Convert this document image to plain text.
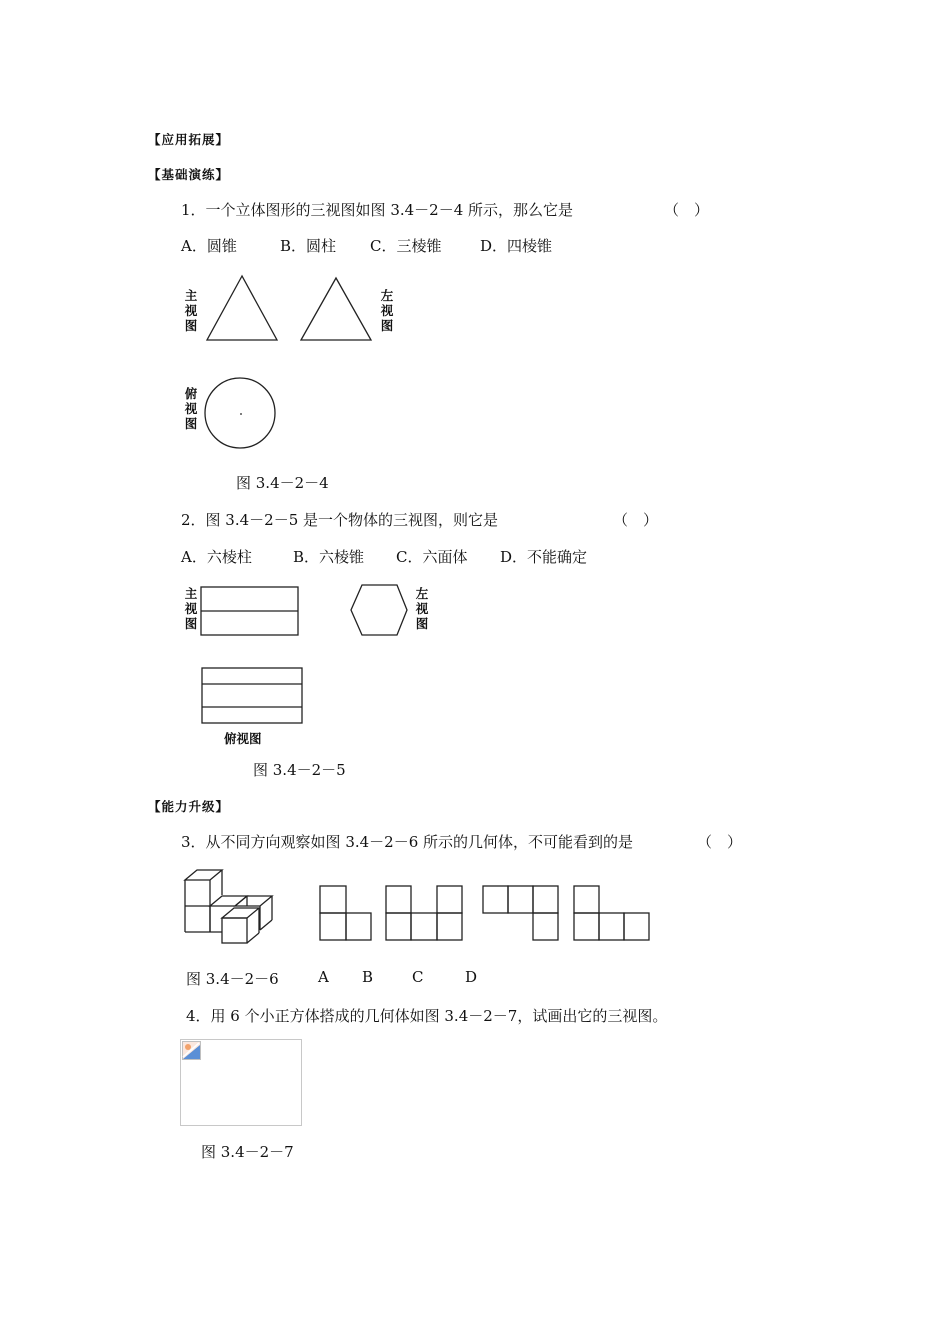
【应用拓展】
【基础演练】
1．一个立体图形的三视图如图 3.4－2－4 所示，那么它是	（　）
A．圆锥	B．圆柱 C．三棱锥	D．四棱锥
主视图
左视图
俯视图
图 3.4－2－4
2．图 3.4－2－5 是一个物体的三视图，则它是	（　）
A．六棱柱	B．六棱锥 C．六面体 D．不能确定
主视图
左视图
俯视图
图 3.4－2－5
【能力升级】
3．从不同方向观察如图 3.4－2－6 所示的几何体，不可能看到的是	（　）
图 3.4－2－6	A B	C	D
4．用 6 个小正方体搭成的几何体如图 3.4－2－7，试画出它的三视图。
图 3.4－2－7
